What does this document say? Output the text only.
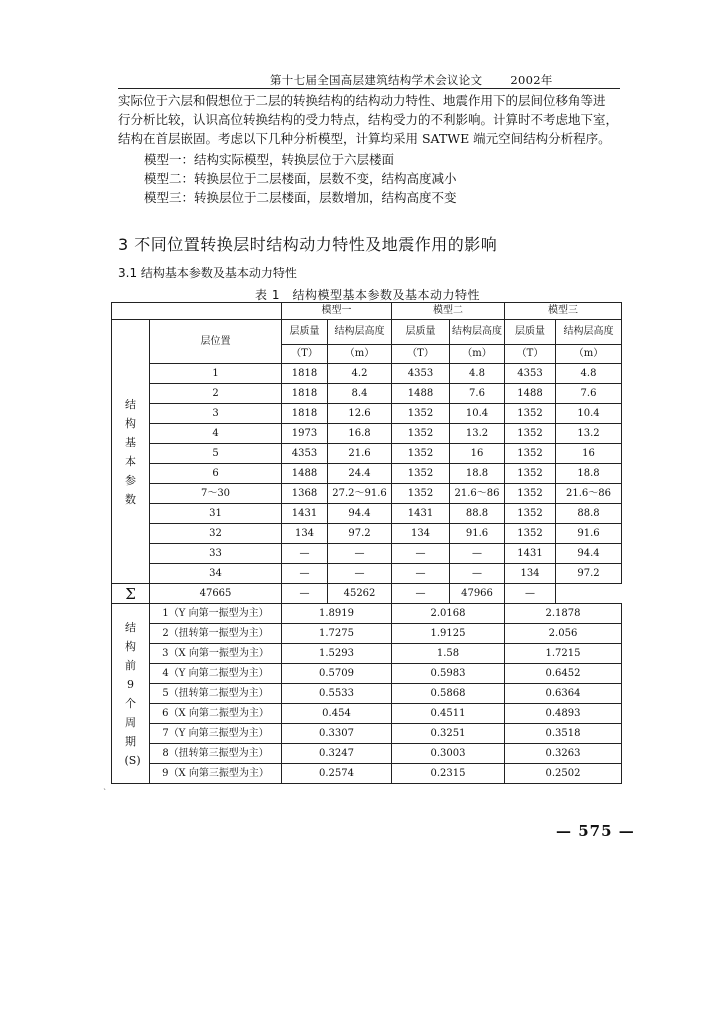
第十七届全国高层建筑结构学术会议论文 2002年
实际位于六层和假想位于二层的转换结构的结构动力特性、地震作用下的层间位移角等进
行分析比较，认识高位转换结构的受力特点，结构受力的不利影响。计算时不考虑地下室，
结构在首层嵌固。考虑以下几种分析模型，计算均采用 SATWE 端元空间结构分析程序。
模型一：结构实际模型，转换层位于六层楼面
模型二：转换层位于二层楼面，层数不变，结构高度减小
模型三：转换层位于二层楼面，层数增加，结构高度不变
3 不同位置转换层时结构动力特性及地震作用的影响
3.1 结构基本参数及基本动力特性
表 1　结构模型基本参数及基本动力特性
		模型一		模型二		模型三	
结构基本参数	层位置	层质量	结构层高度	层质量	结构层高度	层质量	结构层高度
		（T）	（m）	（T）	（m）	（T）	（m）
	1	1818	4.2	4353	4.8	4353	4.8
	2	1818	8.4	1488	7.6	1488	7.6
	3	1818	12.6	1352	10.4	1352	10.4
	4	1973	16.8	1352	13.2	1352	13.2
	5	4353	21.6	1352	16	1352	16
	6	1488	24.4	1352	18.8	1352	18.8
	7～30	1368	27.2～91.6	1352	21.6～86	1352	21.6～86
	31	1431	94.4	1431	88.8	1352	88.8
	32	134	97.2	134	91.6	1352	91.6
	33	—	—	—	—	1431	94.4
	34	—	—	—	—	134	97.2
Σ	47665	—	45262	—	47966	—	
结构前9个周期(S)	1（Y 向第一振型为主）	1.8919		2.0168		2.1878	
	2（扭转第一振型为主）	1.7275		1.9125		2.056	
	3（X 向第一振型为主）	1.5293		1.58		1.7215	
	4（Y 向第二振型为主）	0.5709		0.5983		0.6452	
	5（扭转第二振型为主）	0.5533		0.5868		0.6364	
	6（X 向第二振型为主）	0.454		0.4511		0.4893	
	7（Y 向第三振型为主）	0.3307		0.3251		0.3518	
	8（扭转第三振型为主）	0.3247		0.3003		0.3263	
	9（X 向第三振型为主）	0.2574		0.2315		0.2502	
`
— 575 —
